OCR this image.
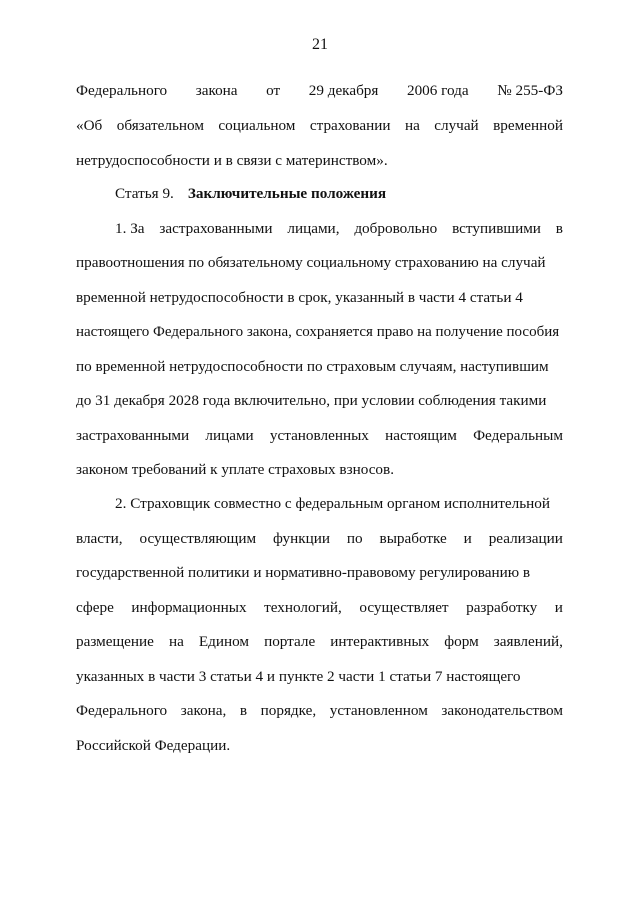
21
Федерального закона от 29 декабря 2006 года № 255-ФЗ
«Об обязательном социальном страховании на случай временной
нетрудоспособности и в связи с материнством».
Статья 9. Заключительные положения
1. За застрахованными лицами, добровольно вступившими в
правоотношения по обязательному социальному страхованию на случай
временной нетрудоспособности в срок, указанный в части 4 статьи 4
настоящего Федерального закона, сохраняется право на получение пособия
по временной нетрудоспособности по страховым случаям, наступившим
до 31 декабря 2028 года включительно, при условии соблюдения такими
застрахованными лицами установленных настоящим Федеральным
законом требований к уплате страховых взносов.
2. Страховщик совместно с федеральным органом исполнительной
власти, осуществляющим функции по выработке и реализации
государственной политики и нормативно-правовому регулированию в
сфере информационных технологий, осуществляет разработку и
размещение на Едином портале интерактивных форм заявлений,
указанных в части 3 статьи 4 и пункте 2 части 1 статьи 7 настоящего
Федерального закона, в порядке, установленном законодательством
Российской Федерации.
